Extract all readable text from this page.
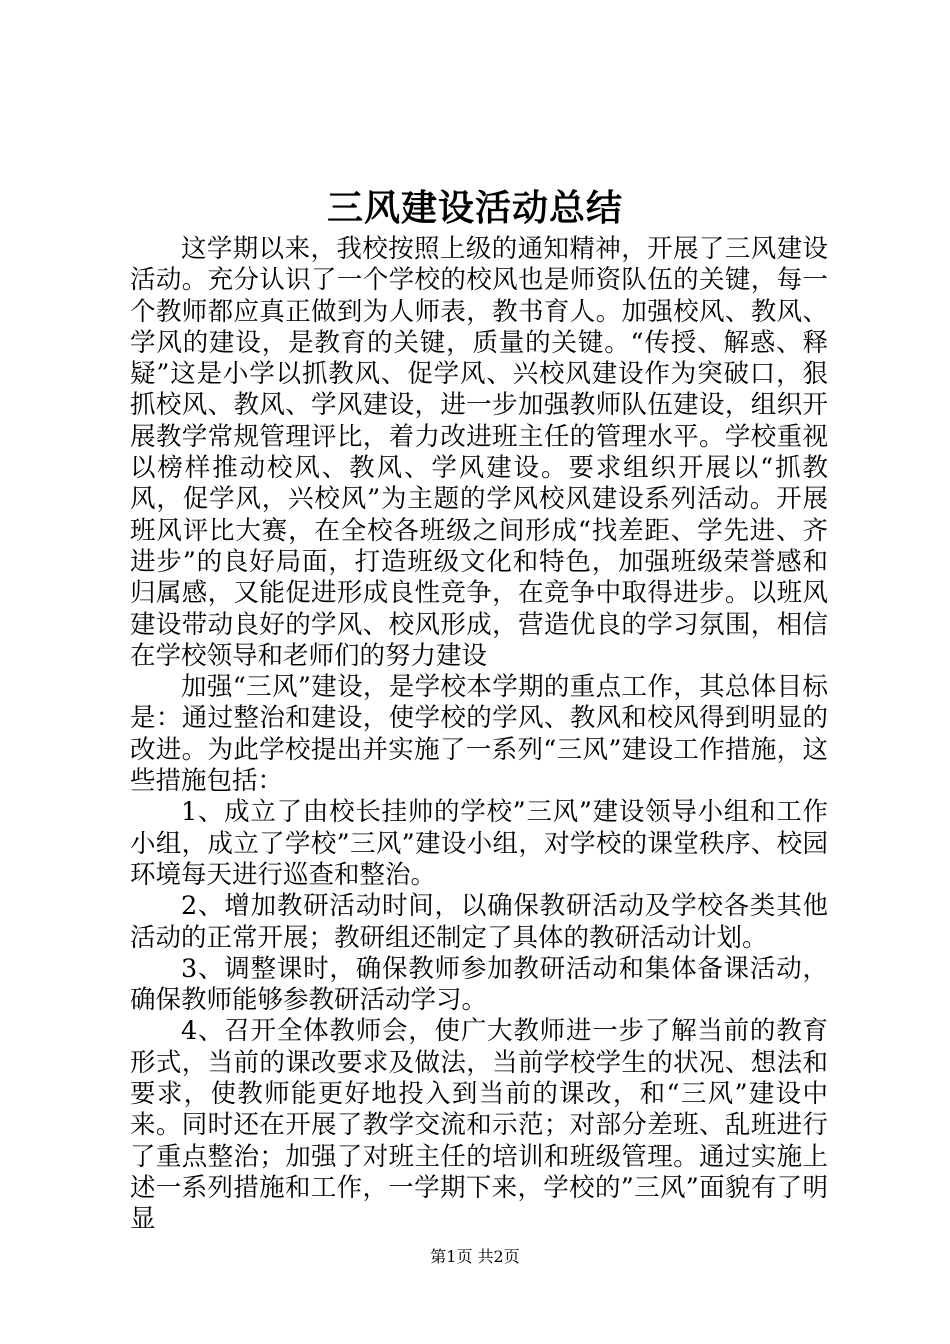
三风建设活动总结

这学期以来，我校按照上级的通知精神，开展了三风建设活动。充分认识了一个学校的校风也是师资队伍的关键，每一个教师都应真正做到为人师表，教书育人。加强校风、教风、学风的建设，是教育的关键，质量的关键。“传授、解惑、释疑”这是小学以抓教风、促学风、兴校风建设作为突破口，狠抓校风、教风、学风建设，进一步加强教师队伍建设，组织开展教学常规管理评比，着力改进班主任的管理水平。学校重视以榜样推动校风、教风、学风建设。要求组织开展以“抓教风，促学风，兴校风”为主题的学风校风建设系列活动。开展班风评比大赛，在全校各班级之间形成“找差距、学先进、齐进步”的良好局面，打造班级文化和特色，加强班级荣誉感和归属感，又能促进形成良性竞争，在竞争中取得进步。以班风建设带动良好的学风、校风形成，营造优良的学习氛围，相信在学校领导和老师们的努力建设

加强“三风”建设，是学校本学期的重点工作，其总体目标是：通过整治和建设，使学校的学风、教风和校风得到明显的改进。为此学校提出并实施了一系列“三风”建设工作措施，这些措施包括：

1、成立了由校长挂帅的学校”三风”建设领导小组和工作小组，成立了学校”三风”建设小组，对学校的课堂秩序、校园环境每天进行巡查和整治。

2、增加教研活动时间，以确保教研活动及学校各类其他活动的正常开展；教研组还制定了具体的教研活动计划。

3、调整课时，确保教师参加教研活动和集体备课活动，确保教师能够参教研活动学习。

4、召开全体教师会，使广大教师进一步了解当前的教育形式，当前的课改要求及做法，当前学校学生的状况、想法和要求，使教师能更好地投入到当前的课改，和“三风”建设中来。同时还在开展了教学交流和示范；对部分差班、乱班进行了重点整治；加强了对班主任的培训和班级管理。通过实施上述一系列措施和工作，一学期下来，学校的”三风”面貌有了明显

第1页 共2页
